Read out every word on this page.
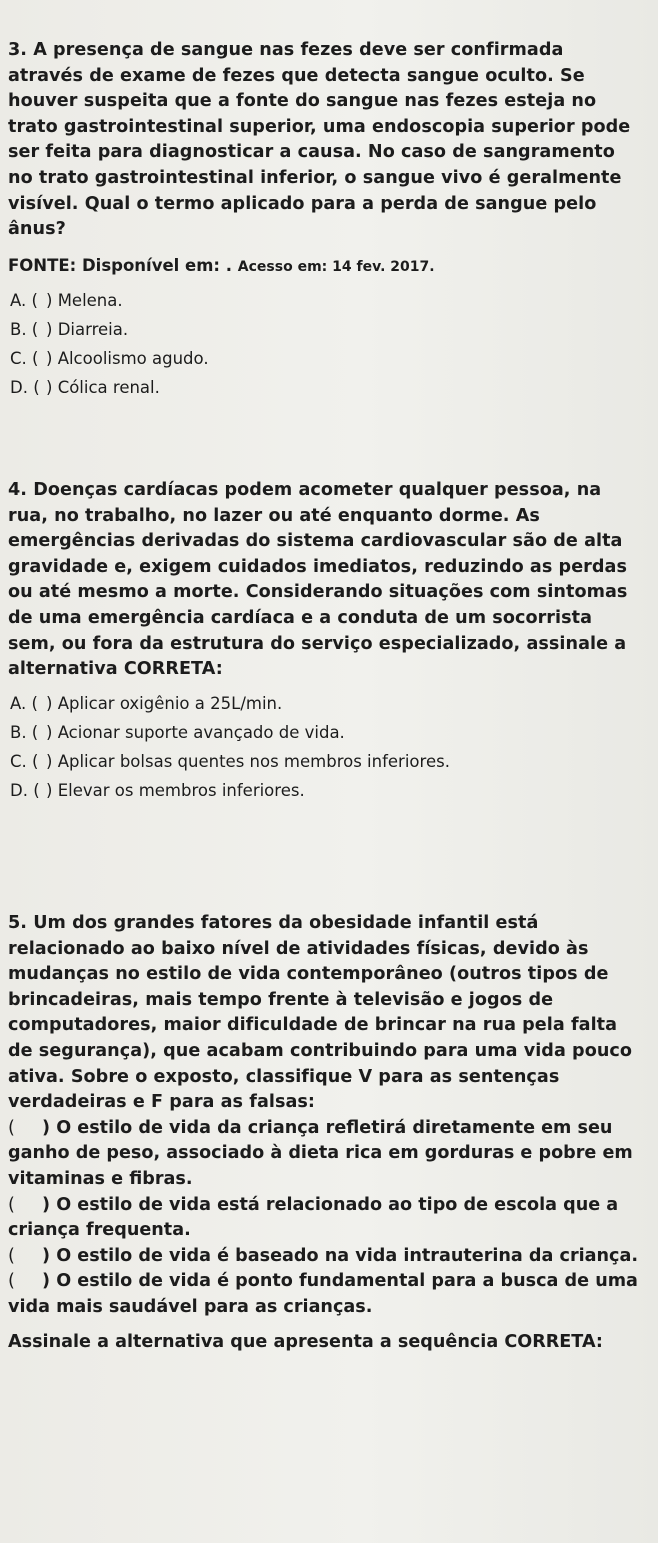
3. A presença de sangue nas fezes deve ser confirmada através de exame de fezes que detecta sangue oculto. Se houver suspeita que a fonte do sangue nas fezes esteja no trato gastrointestinal superior, uma endoscopia superior pode ser feita para diagnosticar a causa. No caso de sangramento no trato gastrointestinal inferior, o sangue vivo é geralmente visível. Qual o termo aplicado para a perda de sangue pelo ânus?

FONTE: Disponível em: . Acesso em: 14 fev. 2017.
A. ( ) Melena.
B. ( ) Diarreia.
C. ( ) Alcoolismo agudo.
D. ( ) Cólica renal.

4. Doenças cardíacas podem acometer qualquer pessoa, na rua, no trabalho, no lazer ou até enquanto dorme. As emergências derivadas do sistema cardiovascular são de alta gravidade e, exigem cuidados imediatos, reduzindo as perdas ou até mesmo a morte. Considerando situações com sintomas de uma emergência cardíaca e a conduta de um socorrista sem, ou fora da estrutura do serviço especializado, assinale a alternativa CORRETA:

A. ( ) Aplicar oxigênio a 25L/min.
B. ( ) Acionar suporte avançado de vida.
C. ( ) Aplicar bolsas quentes nos membros inferiores.
D. ( ) Elevar os membros inferiores.

5. Um dos grandes fatores da obesidade infantil está relacionado ao baixo nível de atividades físicas, devido às mudanças no estilo de vida contemporâneo (outros tipos de brincadeiras, mais tempo frente à televisão e jogos de computadores, maior dificuldade de brincar na rua pela falta de segurança), que acabam contribuindo para uma vida pouco ativa. Sobre o exposto, classifique V para as sentenças verdadeiras e F para as falsas:

( ) O estilo de vida da criança refletirá diretamente em seu ganho de peso, associado à dieta rica em gorduras e pobre em vitaminas e fibras.

( ) O estilo de vida está relacionado ao tipo de escola que a criança frequenta.

( ) O estilo de vida é baseado na vida intrauterina da criança.

( ) O estilo de vida é ponto fundamental para a busca de uma vida mais saudável para as crianças.

Assinale a alternativa que apresenta a sequência CORRETA:
